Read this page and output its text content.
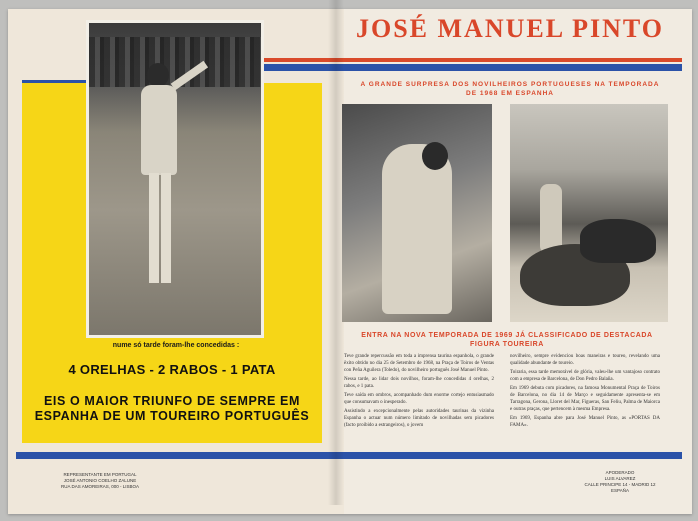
nume só tarde foram-lhe concedidas :
4 ORELHAS - 2 RABOS - 1 PATA
EIS O MAIOR TRIUNFO DE SEMPRE EM ESPANHA DE UM TOUREIRO PORTUGUÊS
REPRESENTANTE EM PORTUGAL
JOSÉ ANTONIO COELHO ZALUNE
RUA DAS AMOREIRAS, 000 - LISBOA
JOSÉ MANUEL PINTO
A GRANDE SURPRESA DOS NOVILHEIROS PORTUGUESES NA TEMPORADA DE 1968 EM ESPANHA
ENTRA NA NOVA TEMPORADA DE 1969 JÁ CLASSIFICADO DE DESTACADA FIGURA TOUREIRA

Teve grande repercussão em toda a imprensa taurina espanhola, o grande êxito obtido no dia 25 de Setembro de 1968, na Praça de Toiros de Ventas con Peña Aguilera (Toledo), do novilheiro português José Manuel Pinto.

Nessa tarde, ao lidar dois novilhos, foram-lhe concedidas 4 orelhas, 2 rabos, e 1 pata.

Teve saída em ombros, acompanhado dum enorme cortejo entusiasmado que consumavam o inesperado.

Assistindo a excepcionalmente pelas autoridades taurinas da vizinha Espanha o actuar num número limitado de novilhadas sem picadores (facto proibido a estrangeiros), o jovem

novilheiro, sempre evidenciou boas maneiras e toureo, revelando uma qualidade abundante de toureio.

Toiraria, essa tarde memorável de glória, valeu-lhe um vantajoso contrato com a empresa de Barcelona, de Don Pedro Balaña.

Em 1969 debuta com picadores, na famosa Monumental Praça de Toiros de Barcelona, no dia 14 de Março e seguidamente apresenta-se em Tarragona, Gerona, Lloret del Mar, Figueras, San Feliu, Palma de Maiorca e outras praças, que pertencem à mesma Empresa.

Em 1969, Espanha abre para José Manuel Pinto, as «PORTAS DA FAMA».

APODERADO
LUIS ALVAREZ
CALLE PRINCIPE 14 - MADRID 12
ESPAÑA
